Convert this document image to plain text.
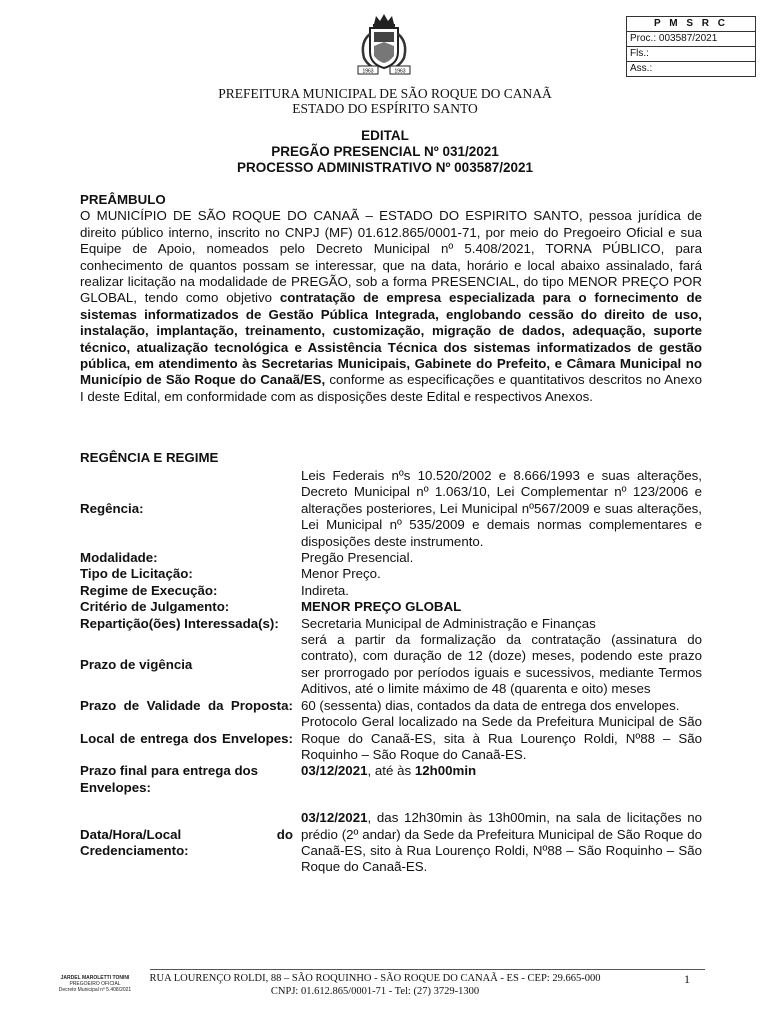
P M S R C
Proc.: 003587/2021
Fls.:
Ass.:
1963	1963
PREFEITURA MUNICIPAL DE SÃO ROQUE DO CANAÃ
ESTADO DO ESPÍRITO SANTO
EDITAL
PREGÃO PRESENCIAL Nº 031/2021
PROCESSO ADMINISTRATIVO Nº 003587/2021
PREÂMBULO
O MUNICÍPIO DE SÃO ROQUE DO CANAÃ – ESTADO DO ESPIRITO SANTO, pessoa jurídica de direito público interno, inscrito no CNPJ (MF) 01.612.865/0001-71, por meio do Pregoeiro Oficial e sua Equipe de Apoio, nomeados pelo Decreto Municipal nº 5.408/2021, TORNA PÚBLICO, para conhecimento de quantos possam se interessar, que na data, horário e local abaixo assinalado, fará realizar licitação na modalidade de PREGÃO, sob a forma PRESENCIAL, do tipo MENOR PREÇO POR GLOBAL, tendo como objetivo contratação de empresa especializada para o fornecimento de sistemas informatizados de Gestão Pública Integrada, englobando cessão do direito de uso, instalação, implantação, treinamento, customização, migração de dados, adequação, suporte técnico, atualização tecnológica e Assistência Técnica dos sistemas informatizados de gestão pública, em atendimento às Secretarias Municipais, Gabinete do Prefeito, e Câmara Municipal no Município de São Roque do Canaã/ES, conforme as especificações e quantitativos descritos no Anexo I deste Edital, em conformidade com as disposições deste Edital e respectivos Anexos.
REGÊNCIA E REGIME
Regência:	Leis Federais nºs 10.520/2002 e 8.666/1993 e suas alterações, Decreto Municipal nº 1.063/10, Lei Complementar nº 123/2006 e alterações posteriores, Lei Municipal nº567/2009 e suas alterações, Lei Municipal nº 535/2009 e demais normas complementares e disposições deste instrumento.
Modalidade:	Pregão Presencial.
Tipo de Licitação:	Menor Preço.
Regime de Execução:	Indireta.
Critério de Julgamento:	MENOR PREÇO GLOBAL
Repartição(ões) Interessada(s):	Secretaria Municipal de Administração e Finanças
Prazo de vigência	será a partir da formalização da contratação (assinatura do contrato), com duração de 12 (doze) meses, podendo este prazo ser prorrogado por períodos iguais e sucessivos, mediante Termos Aditivos, até o limite máximo de 48 (quarenta e oito) meses
Prazo de Validade da Proposta:	60 (sessenta) dias, contados da data de entrega dos envelopes.
Local de entrega dos Envelopes:	Protocolo Geral localizado na Sede da Prefeitura Municipal de São Roque do Canaã-ES, sita à Rua Lourenço Roldi, Nº88 – São Roquinho – São Roque do Canaã-ES.
Prazo final para entrega dos Envelopes:	03/12/2021, até às 12h00min
Data/Hora/Local do Credenciamento:	03/12/2021, das 12h30min às 13h00min, na sala de licitações no prédio (2º andar) da Sede da Prefeitura Municipal de São Roque do Canaã-ES, sito à Rua Lourenço Roldi, Nº88 – São Roquinho – São Roque do Canaã-ES.
JARDEL MAROLETTI TONINI
PREGOEIRO OFICIAL
Decreto Municipal nº 5.408/2021
RUA LOURENÇO ROLDI, 88 – SÃO ROQUINHO - SÃO ROQUE DO CANAÃ - ES - CEP: 29.665-000
CNPJ: 01.612.865/0001-71 - Tel: (27) 3729-1300
1
